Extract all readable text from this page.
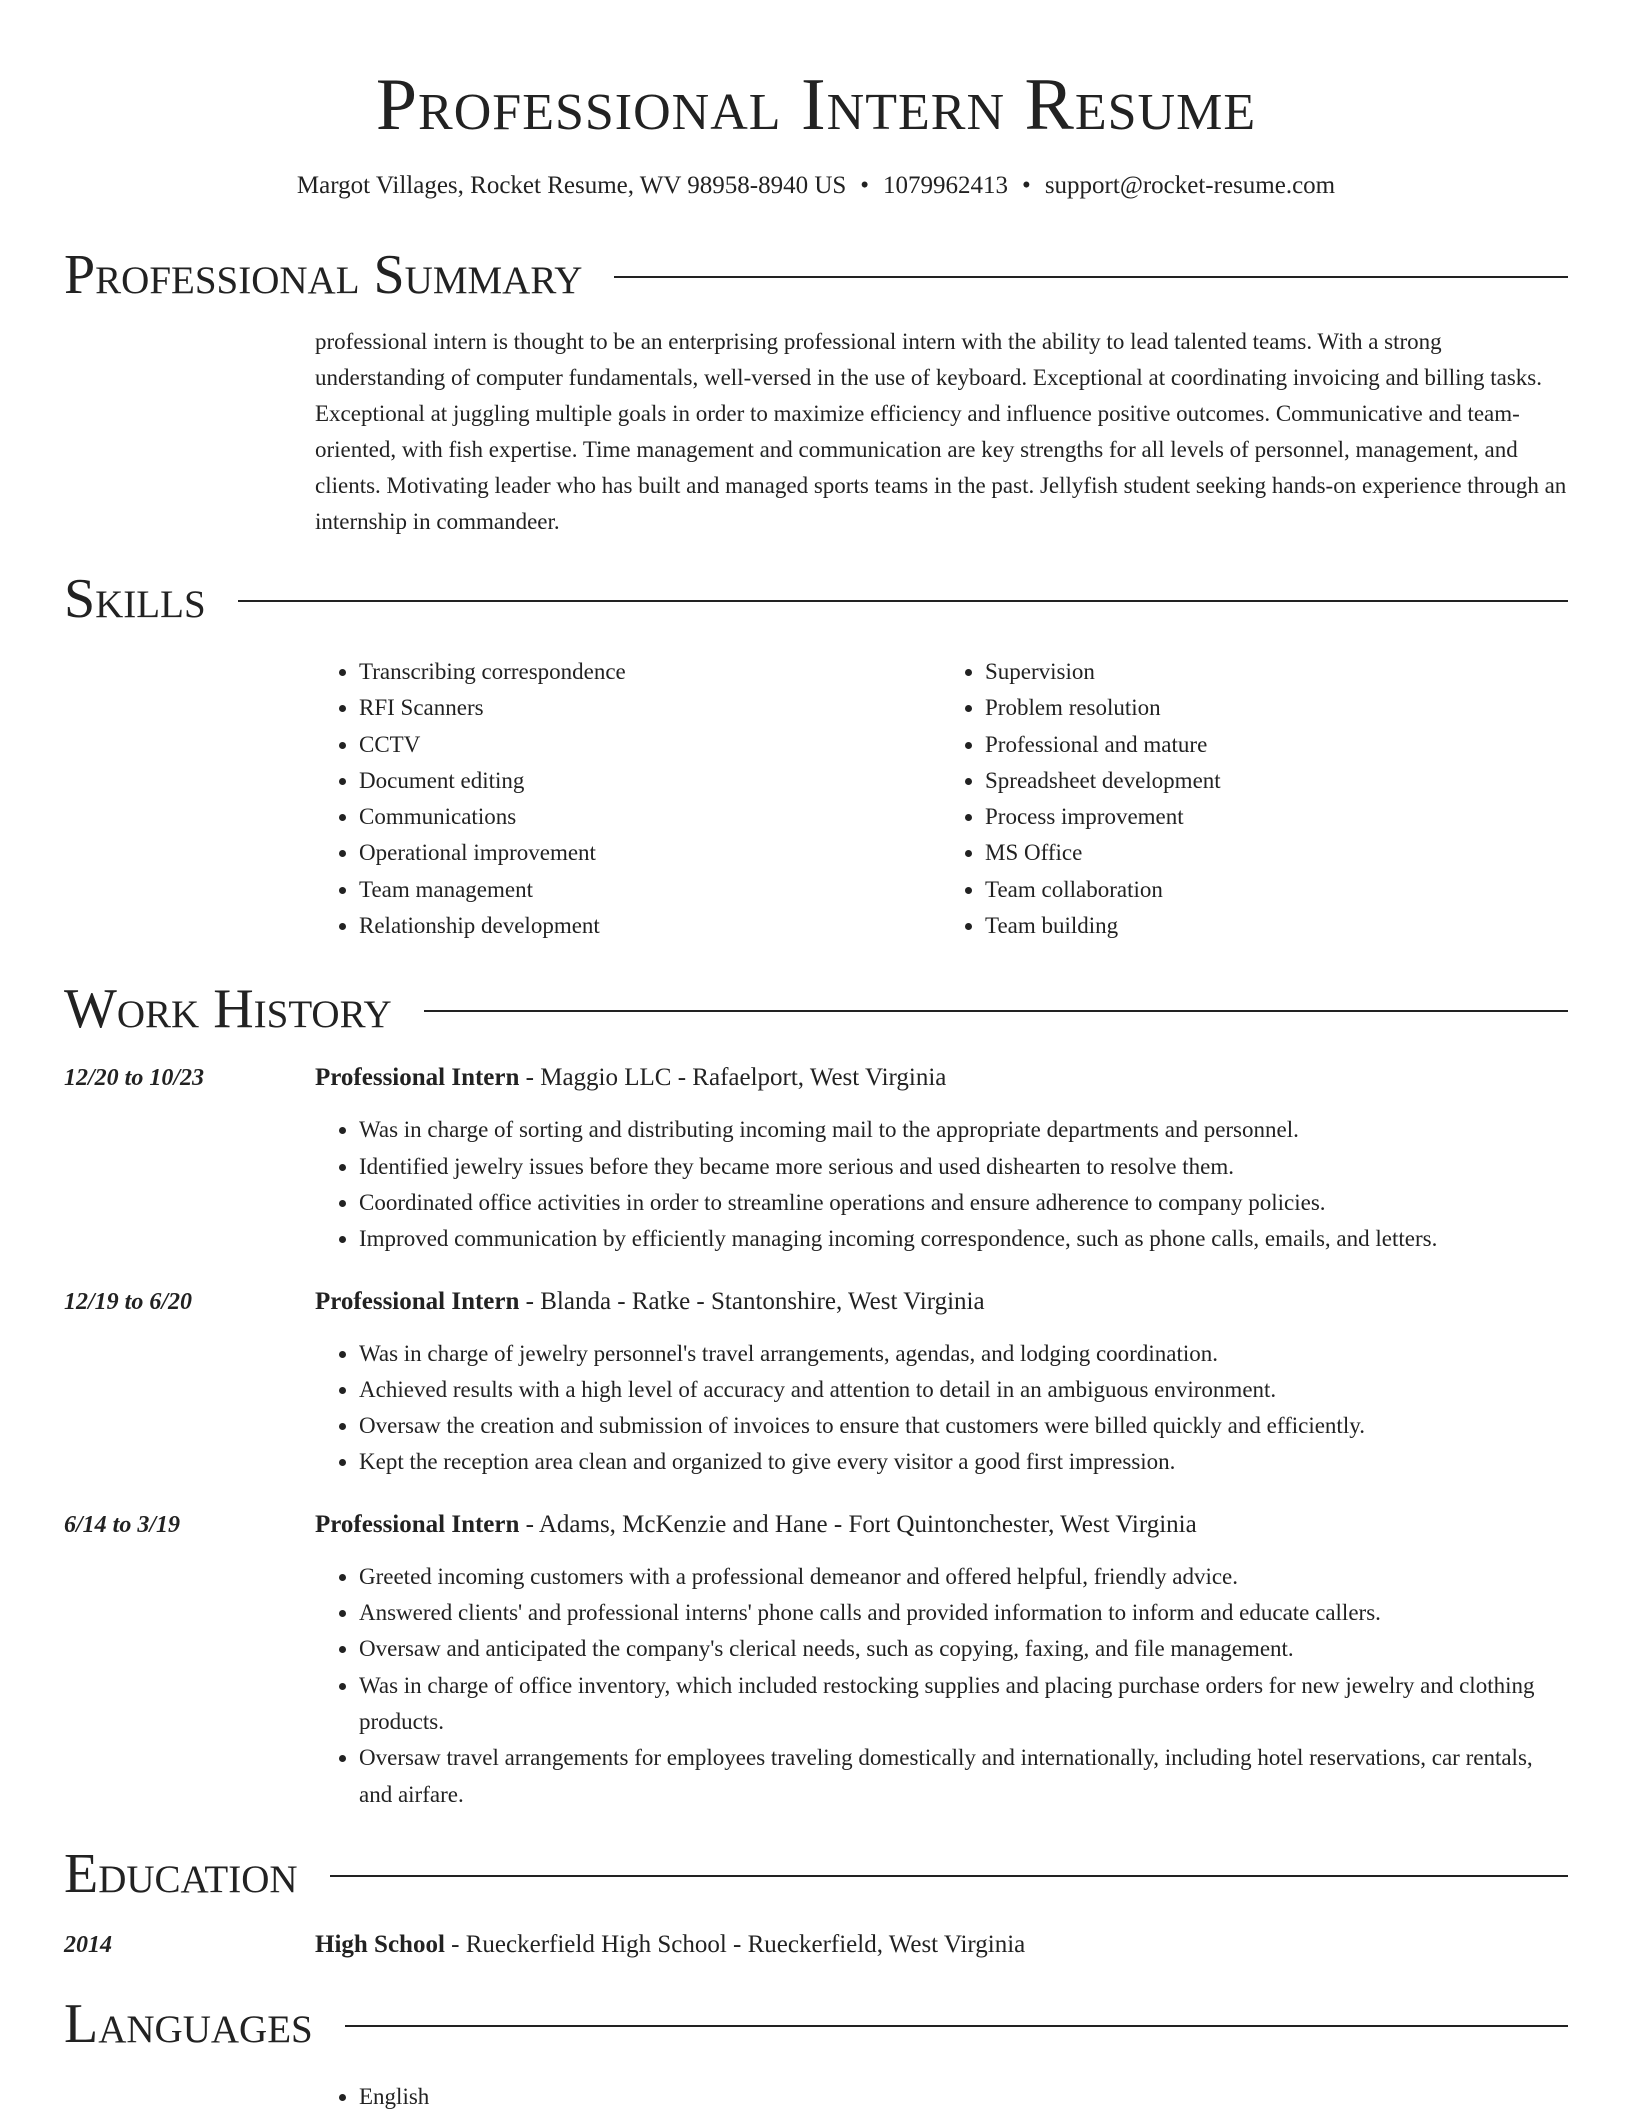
Professional Intern Resume
Margot Villages, Rocket Resume, WV 98958-8940 US • 1079962413 • support@rocket-resume.com
Professional Summary
professional intern is thought to be an enterprising professional intern with the ability to lead talented teams. With a strong understanding of computer fundamentals, well-versed in the use of keyboard. Exceptional at coordinating invoicing and billing tasks. Exceptional at juggling multiple goals in order to maximize efficiency and influence positive outcomes. Communicative and team-oriented, with fish expertise. Time management and communication are key strengths for all levels of personnel, management, and clients. Motivating leader who has built and managed sports teams in the past. Jellyfish student seeking hands-on experience through an internship in commandeer.
Skills
• Transcribing correspondence
• RFI Scanners
• CCTV
• Document editing
• Communications
• Operational improvement
• Team management
• Relationship development
• Supervision
• Problem resolution
• Professional and mature
• Spreadsheet development
• Process improvement
• MS Office
• Team collaboration
• Team building
Work History
12/20 to 10/23	Professional Intern - Maggio LLC - Rafaelport, West Virginia
• Was in charge of sorting and distributing incoming mail to the appropriate departments and personnel.
• Identified jewelry issues before they became more serious and used dishearten to resolve them.
• Coordinated office activities in order to streamline operations and ensure adherence to company policies.
• Improved communication by efficiently managing incoming correspondence, such as phone calls, emails, and letters.
12/19 to 6/20	Professional Intern - Blanda - Ratke - Stantonshire, West Virginia
• Was in charge of jewelry personnel's travel arrangements, agendas, and lodging coordination.
• Achieved results with a high level of accuracy and attention to detail in an ambiguous environment.
• Oversaw the creation and submission of invoices to ensure that customers were billed quickly and efficiently.
• Kept the reception area clean and organized to give every visitor a good first impression.
6/14 to 3/19	Professional Intern - Adams, McKenzie and Hane - Fort Quintonchester, West Virginia
• Greeted incoming customers with a professional demeanor and offered helpful, friendly advice.
• Answered clients' and professional interns' phone calls and provided information to inform and educate callers.
• Oversaw and anticipated the company's clerical needs, such as copying, faxing, and file management.
• Was in charge of office inventory, which included restocking supplies and placing purchase orders for new jewelry and clothing products.
• Oversaw travel arrangements for employees traveling domestically and internationally, including hotel reservations, car rentals, and airfare.
Education
2014	High School - Rueckerfield High School - Rueckerfield, West Virginia
Languages
• English
